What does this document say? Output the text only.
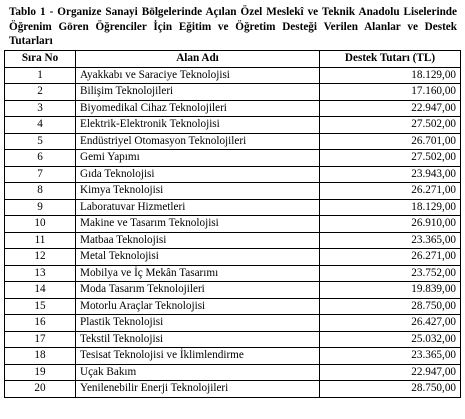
Tablo 1 - Organize Sanayi Bölgelerinde Açılan Özel Meslekî ve Teknik Anadolu Liselerinde Öğrenim Gören Öğrenciler İçin Eğitim ve Öğretim Desteği Verilen Alanlar ve Destek Tutarları
Sıra No	Alan Adı	Destek Tutarı (TL)
1	Ayakkabı ve Saraciye Teknolojisi	18.129,00
2	Bilişim Teknolojileri	17.160,00
3	Biyomedikal Cihaz Teknolojileri	22.947,00
4	Elektrik-Elektronik Teknolojisi	27.502,00
5	Endüstriyel Otomasyon Teknolojileri	26.701,00
6	Gemi Yapımı	27.502,00
7	Gıda Teknolojisi	23.943,00
8	Kimya Teknolojisi	26.271,00
9	Laboratuvar Hizmetleri	18.129,00
10	Makine ve Tasarım Teknolojisi	26.910,00
11	Matbaa Teknolojisi	23.365,00
12	Metal Teknolojisi	26.271,00
13	Mobilya ve İç Mekân Tasarımı	23.752,00
14	Moda Tasarım Teknolojileri	19.839,00
15	Motorlu Araçlar Teknolojisi	28.750,00
16	Plastik Teknolojisi	26.427,00
17	Tekstil Teknolojisi	25.032,00
18	Tesisat Teknolojisi ve İklimlendirme	23.365,00
19	Uçak Bakım	22.947,00
20	Yenilenebilir Enerji Teknolojileri	28.750,00
